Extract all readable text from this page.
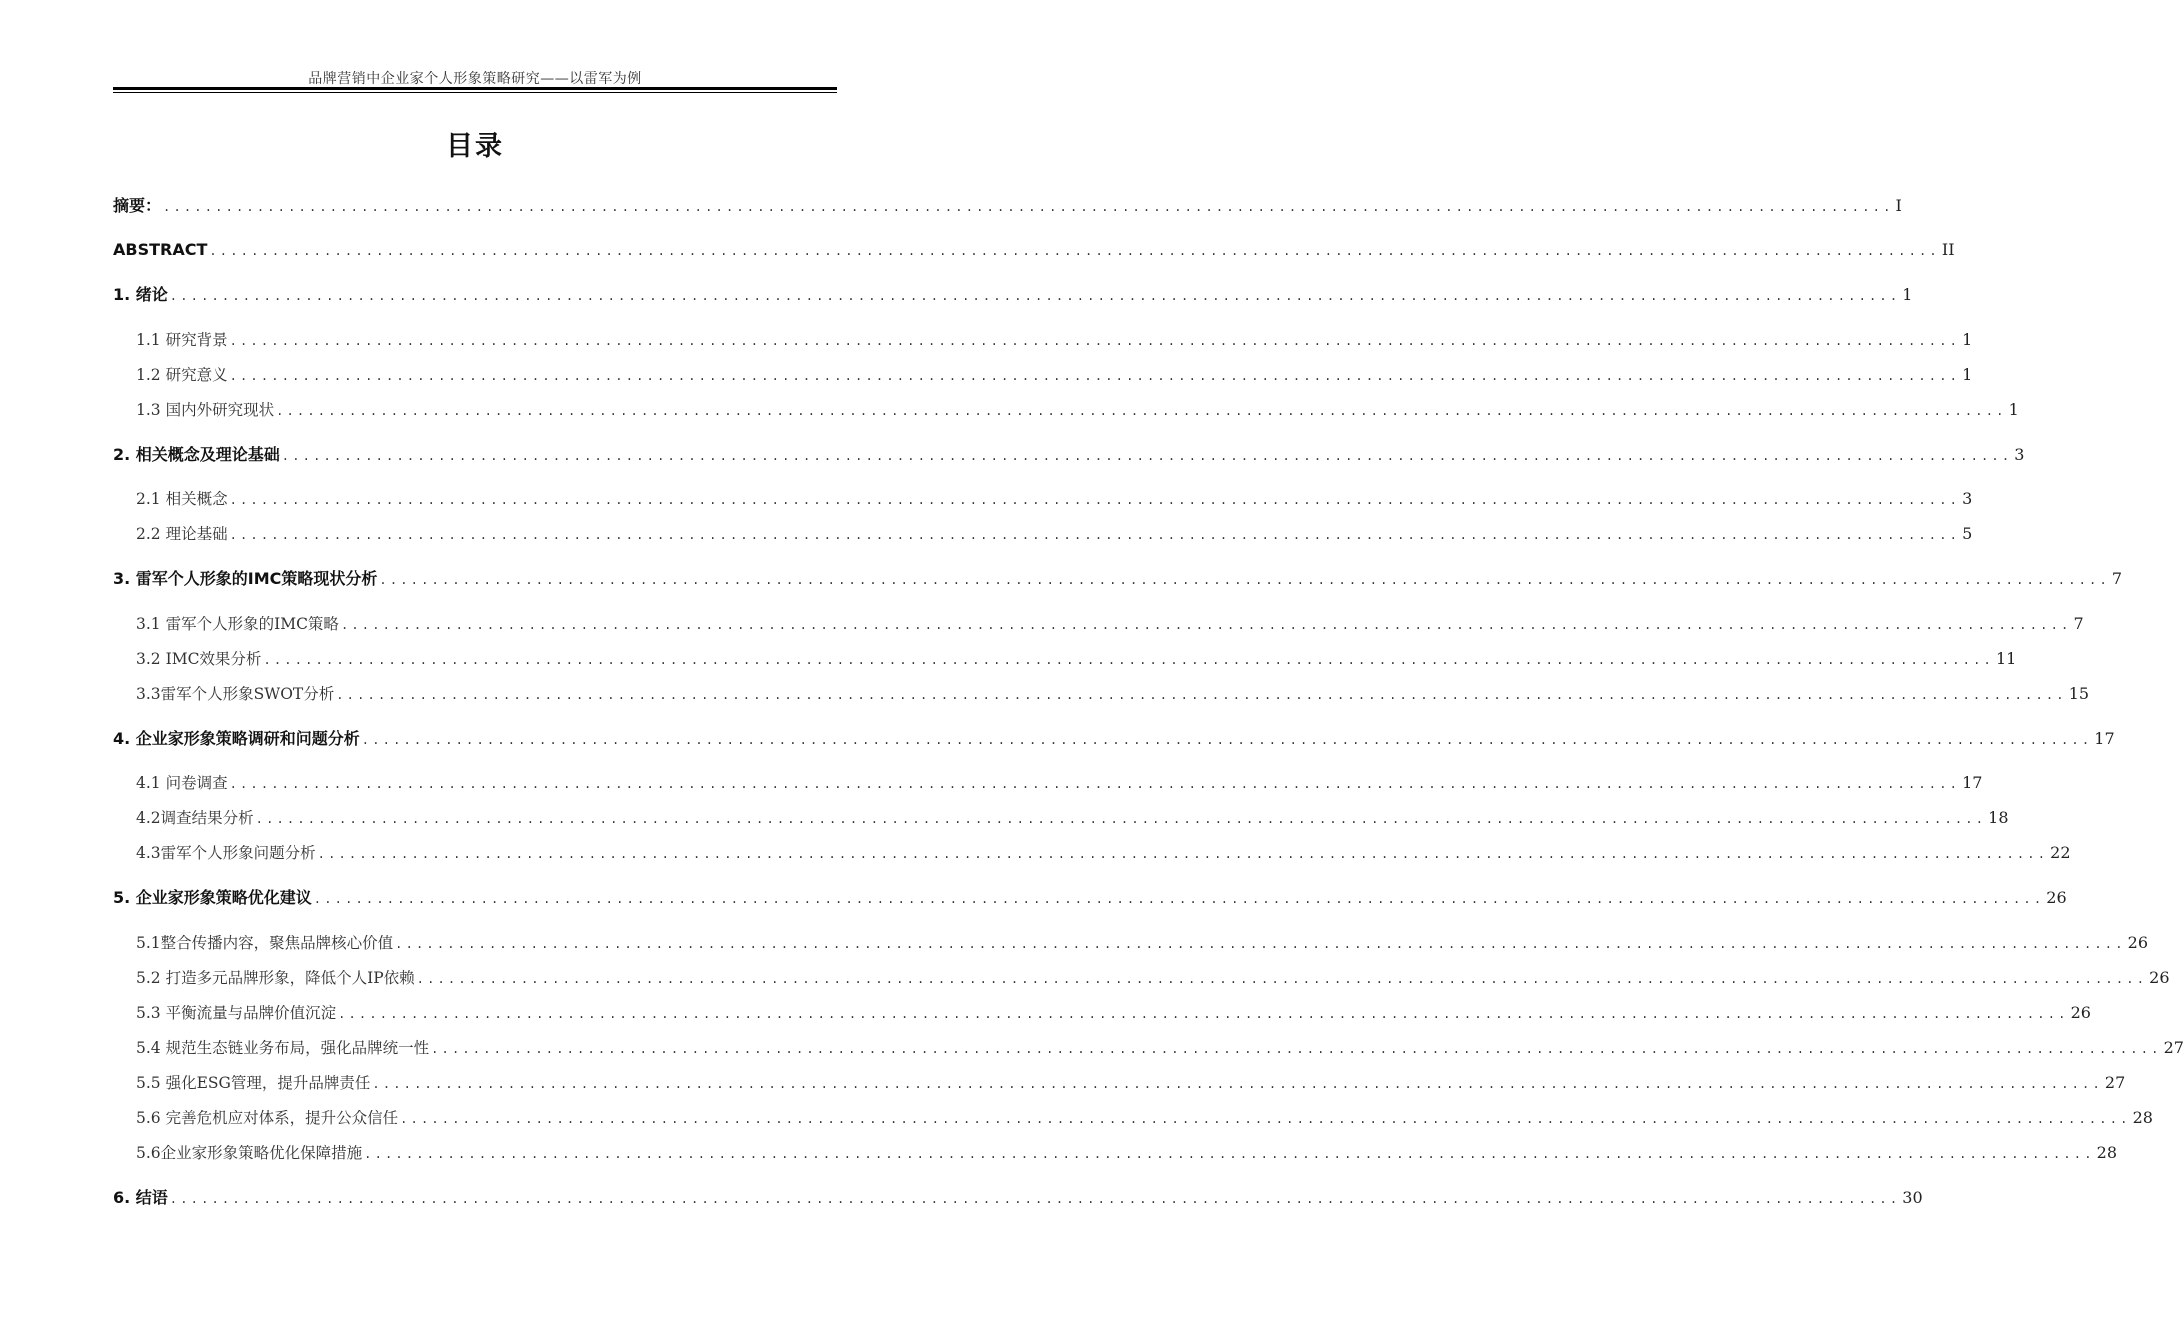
品牌营销中企业家个人形象策略研究——以雷军为例
目录
摘要： ...................................................................................................................................................................... I
ABSTRACT ...................................................................................................................................................................... II
1. 绪论 ...................................................................................................................................................................... 1
1.1 研究背景 ...................................................................................................................................................................... 1
1.2 研究意义 ...................................................................................................................................................................... 1
1.3 国内外研究现状 ...................................................................................................................................................................... 1
2. 相关概念及理论基础 ...................................................................................................................................................................... 3
2.1 相关概念 ...................................................................................................................................................................... 3
2.2 理论基础 ...................................................................................................................................................................... 5
3. 雷军个人形象的IMC策略现状分析 ...................................................................................................................................................................... 7
3.1 雷军个人形象的IMC策略 ...................................................................................................................................................................... 7
3.2 IMC效果分析 ...................................................................................................................................................................... 11
3.3雷军个人形象SWOT分析 ...................................................................................................................................................................... 15
4. 企业家形象策略调研和问题分析 ...................................................................................................................................................................... 17
4.1 问卷调查 ...................................................................................................................................................................... 17
4.2调查结果分析 ...................................................................................................................................................................... 18
4.3雷军个人形象问题分析 ...................................................................................................................................................................... 22
5. 企业家形象策略优化建议 ...................................................................................................................................................................... 26
5.1整合传播内容，聚焦品牌核心价值 ...................................................................................................................................................................... 26
5.2 打造多元品牌形象，降低个人IP依赖 ...................................................................................................................................................................... 26
5.3 平衡流量与品牌价值沉淀 ...................................................................................................................................................................... 26
5.4 规范生态链业务布局，强化品牌统一性 ...................................................................................................................................................................... 27
5.5 强化ESG管理，提升品牌责任 ...................................................................................................................................................................... 27
5.6 完善危机应对体系，提升公众信任 ...................................................................................................................................................................... 28
5.6企业家形象策略优化保障措施 ...................................................................................................................................................................... 28
6. 结语 ...................................................................................................................................................................... 30
